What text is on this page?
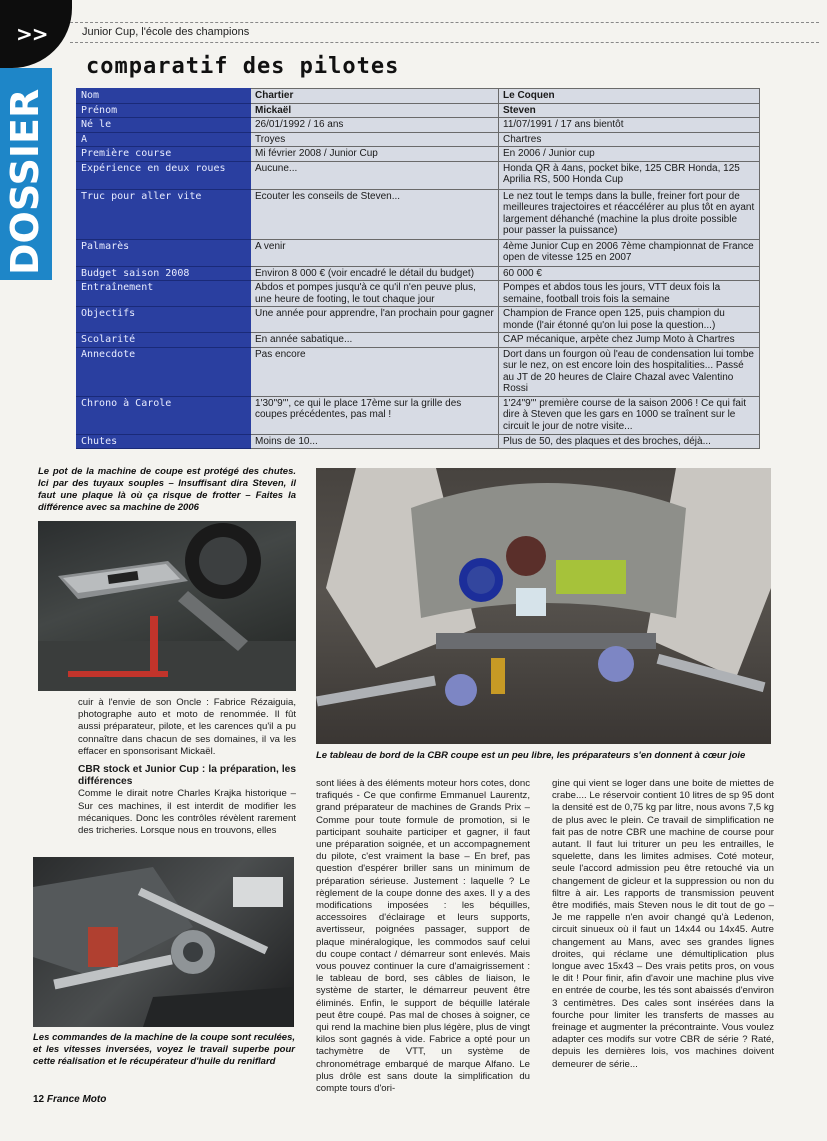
>>
DOSSIER
Junior Cup, l'école des champions
comparatif des pilotes
Nom	Chartier	Le Coquen
Prénom	Mickaël	Steven
Né le	26/01/1992 / 16 ans	11/07/1991 / 17 ans bientôt
A	Troyes	Chartres
Première course	Mi février 2008 / Junior Cup	En 2006 / Junior cup
Expérience en deux roues	Aucune...	Honda QR à 4ans, pocket bike, 125 CBR Honda, 125 Aprilia RS, 500 Honda Cup
Truc pour aller vite	Ecouter les conseils de Steven...	Le nez tout le temps dans la bulle, freiner fort pour de meilleures trajectoires et réaccélérer au plus tôt en ayant largement déhanché (machine la plus droite possible pour passer la puissance)
Palmarès	A venir	4ème Junior Cup en 2006 7ème championnat de France open de vitesse 125 en 2007
Budget saison 2008	Environ 8 000 € (voir encadré le détail du budget)	60 000 €
Entraînement	Abdos et pompes jusqu'à ce qu'il n'en peuve plus, une heure de footing, le tout chaque jour	Pompes et abdos tous les jours, VTT deux fois la semaine, football trois fois la semaine
Objectifs	Une année pour apprendre, l'an prochain pour gagner	Champion de France open 125, puis champion du monde (l'air étonné qu'on lui pose la question...)
Scolarité	En année sabatique...	CAP mécanique, arpète chez Jump Moto à Chartres
Annecdote	Pas encore	Dort dans un fourgon où l'eau de condensation lui tombe sur le nez, on est encore loin des hospitalities... Passé au JT de 20 heures de Claire Chazal avec Valentino Rossi
Chrono à Carole	1'30"9''', ce qui le place 17ème sur la grille des coupes précédentes, pas mal !	1'24"9''' première course de la saison 2006 ! Ce qui fait dire à Steven que les gars en 1000 se traînent sur le circuit le jour de notre visite...
Chutes	Moins de 10...	Plus de 50, des plaques et des broches, déjà...
Le pot de la machine de coupe est protégé des chutes. Ici par des tuyaux souples – Insuffisant dira Steven, il faut une plaque là où ça risque de frotter – Faites la différence avec sa machine de 2006
Le tableau de bord de la CBR coupe est un peu libre, les préparateurs s'en donnent à cœur joie

cuir à l'envie de son Oncle : Fabrice Rézaiguia, photographe auto et moto de renommée. Il fût aussi préparateur, pilote, et les carences qu'il a pu connaître dans chacun de ses domaines, il va les effacer en sponsorisant Mickaël.

CBR stock et Junior Cup : la préparation, les différences

Comme le dirait notre Charles Krajka historique – Sur ces machines, il est interdit de modifier les mécaniques. Donc les contrôles révèlent rarement des tricheries. Lorsque nous en trouvons, elles

Les commandes de la machine de la coupe sont reculées, et les vitesses inversées, voyez le travail superbe pour cette réalisation et le récupérateur d'huile du reniflard

sont liées à des éléments moteur hors cotes, donc trafiqués - Ce que confirme Emmanuel Laurentz, grand préparateur de machines de Grands Prix – Comme pour toute formule de promotion, si le participant souhaite participer et gagner, il faut une préparation soignée, et un accompagnement du pilote, c'est vraiment la base – En bref, pas question d'espérer briller sans un minimum de préparation sérieuse. Justement : laquelle ? Le règlement de la coupe donne des axes. Il y a des modifications imposées : les béquilles, accessoires d'éclairage et leurs supports, avertisseur, poignées passager, support de plaque minéralogique, les commodos sauf celui du coupe contact / démarreur sont enlevés. Mais vous pouvez continuer la cure d'amaigrissement : le tableau de bord, ses câbles de liaison, le système de starter, le démarreur peuvent être éliminés. Enfin, le support de béquille latérale peut être coupé. Pas mal de choses à soigner, ce qui rend la machine bien plus légère, plus de vingt kilos sont gagnés à vide. Fabrice a opté pour un tachymètre de VTT, un système de chronométrage embarqué de marque Alfano. Le plus drôle est sans doute la simplification du compte tours d'ori-

gine qui vient se loger dans une boite de miettes de crabe.... Le réservoir contient 10 litres de sp 95 dont la densité est de 0,75 kg par litre, nous avons 7,5 kg de plus avec le plein. Ce travail de simplification ne fait pas de notre CBR une machine de course pour autant. Il faut lui triturer un peu les entrailles, le squelette, dans les limites admises. Coté moteur, seule l'accord admission peu être retouché via un changement de gicleur et la suppression ou non du filtre à air. Les rapports de transmission peuvent être modifiés, mais Steven nous le dit tout de go – Je me rappelle n'en avoir changé qu'à Ledenon, circuit sinueux où il faut un 14x44 ou 14x45. Autre changement au Mans, avec ses grandes lignes droites, qui réclame une démultiplication plus longue avec 15x43 – Des vrais petits pros, on vous le dit ! Pour finir, afin d'avoir une machine plus vive en entrée de courbe, les tés sont abaissés d'environ 3 centimètres. Des cales sont insérées dans la fourche pour limiter les transferts de masses au freinage et augmenter la précontrainte. Vous voulez adapter ces modifs sur votre CBR de série ? Raté, depuis les dernières lois, vos machines doivent demeurer de série...

12 France Moto
